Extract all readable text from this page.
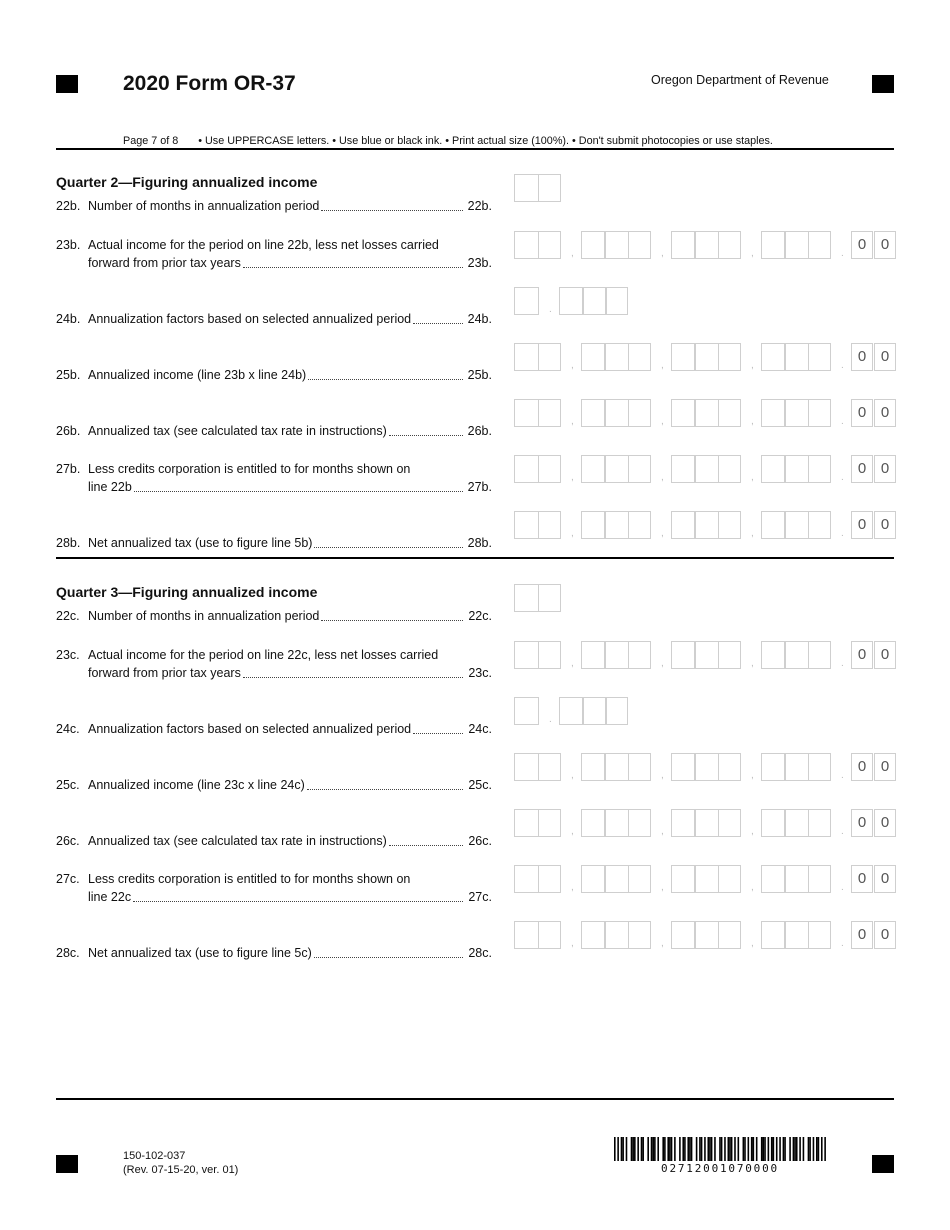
2020 Form OR-37	Oregon Department of Revenue
Page 7 of 8 • Use UPPERCASE letters. • Use blue or black ink. • Print actual size (100%). • Don't submit photocopies or use staples.
Quarter 2—Figuring annualized income
Quarter 3—Figuring annualized income
22b. Number of months in annualization period	22b.
23b. Actual income for the period on line 22b, less net losses carried
forward from prior tax years	23b.
,	,	,	.
0 0
24b. Annualization factors based on selected annualized period	24b.
.
25b. Annualized income (line 23b x line 24b)	25b.
,	,	,	.
0 0
26b. Annualized tax (see calculated tax rate in instructions)	26b.
,	,	,	.
0 0
27b. Less credits corporation is entitled to for months shown on
line 22b	27b.
,	,	,	.
0 0
28b. Net annualized tax (use to figure line 5b)	28b.
,	,	,	.
0 0
22c. Number of months in annualization period	22c.
23c. Actual income for the period on line 22c, less net losses carried
forward from prior tax years	23c.
,	,	,	.
0 0
24c. Annualization factors based on selected annualized period	24c.
.
25c. Annualized income (line 23c x line 24c)	25c.
,	,	,	.
0 0
26c. Annualized tax (see calculated tax rate in instructions)	26c.
,	,	,	.
0 0
27c. Less credits corporation is entitled to for months shown on
line 22c	27c.
,	,	,	.
0 0
28c. Net annualized tax (use to figure line 5c)	28c.
,	,	,	.
0 0
150-102-037
(Rev. 07-15-20, ver. 01)	02712001070000
